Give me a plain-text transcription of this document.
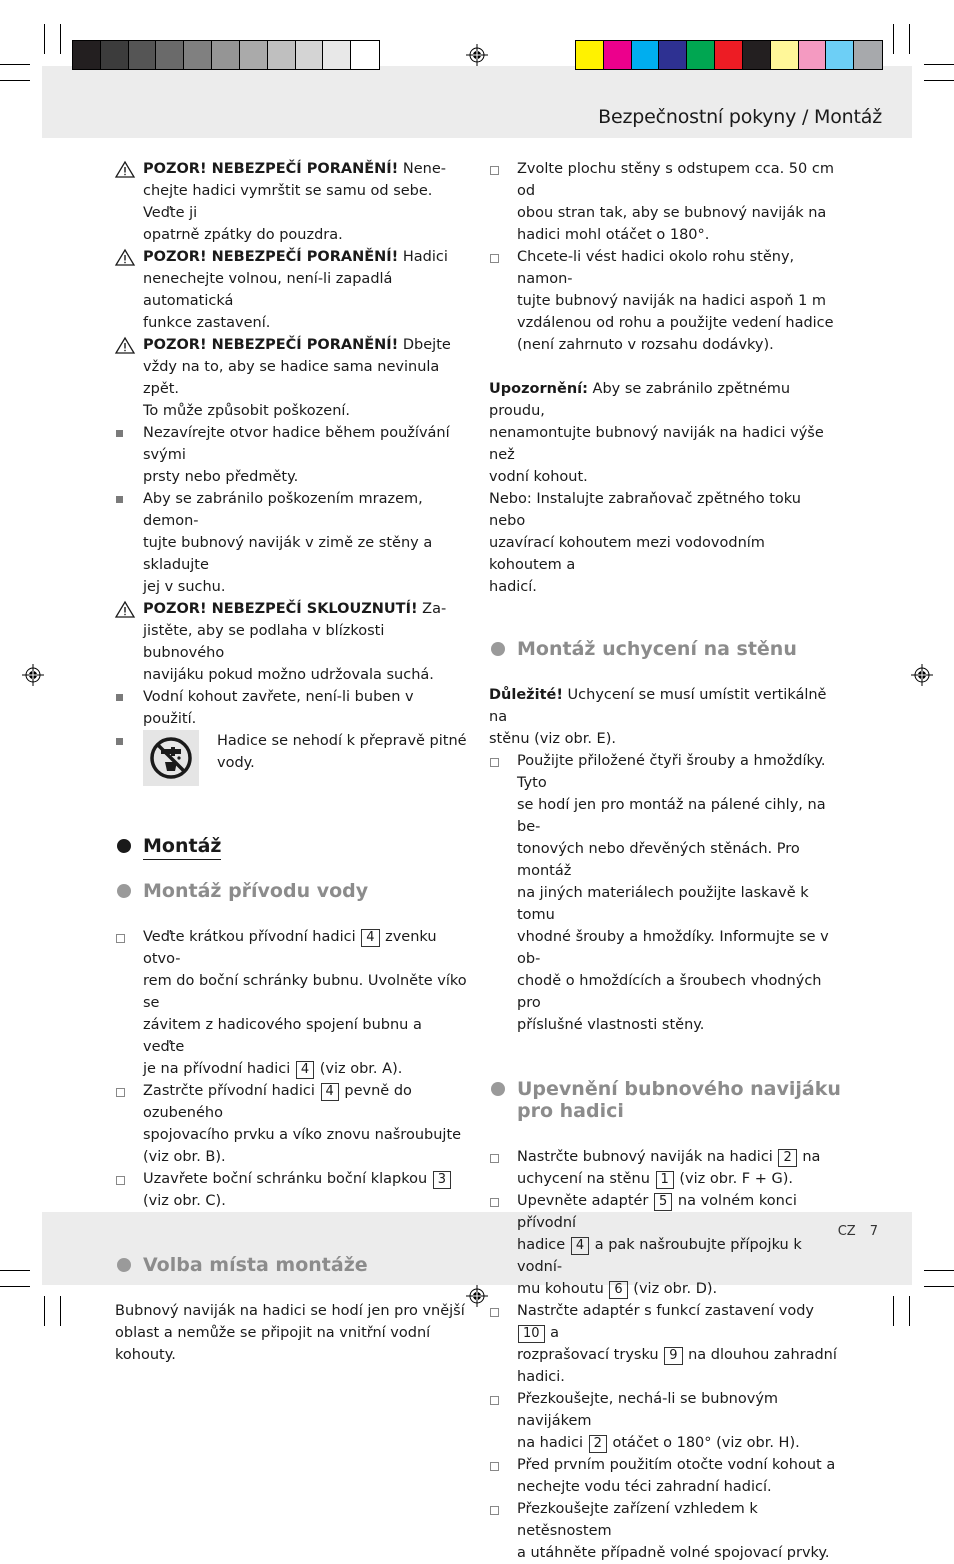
Bezpečnostní pokyny / Montáž
CZ 7
POZOR! NEBEZPEČÍ PORANĚNÍ! Nene-
chejte hadici vymrštit se samu od sebe. Veďte ji
opatrně zpátky do pouzdra.
POZOR! NEBEZPEČÍ PORANĚNÍ! Hadici
nenechejte volnou, není-li zapadlá automatická
funkce zastavení.
POZOR! NEBEZPEČÍ PORANĚNÍ! Dbejte
vždy na to, aby se hadice sama nevinula zpět.
To může způsobit poškození.
Nezavírejte otvor hadice během používání svými
prsty nebo předměty.
Aby se zabránilo poškozením mrazem, demon-
tujte bubnový naviják v zimě ze stěny a skladujte
jej v suchu.
POZOR! NEBEZPEČÍ SKLOUZNUTÍ! Za-
jistěte, aby se podlaha v blízkosti bubnového
navijáku pokud možno udržovala suchá.
Vodní kohout zavřete, není-li buben v použití.
Hadice se nehodí k přepravě pitné
vody.
Montáž
Montáž přívodu vody
Veďte krátkou přívodní hadici 4 zvenku otvo-
rem do boční schránky bubnu. Uvolněte víko se
závitem z hadicového spojení bubnu a veďte
je na přívodní hadici 4 (viz obr. A).
Zastrčte přívodní hadici 4 pevně do ozubeného
spojovacího prvku a víko znovu našroubujte
(viz obr. B).
Uzavřete boční schránku boční klapkou 3
(viz obr. C).
Volba místa montáže
Bubnový naviják na hadici se hodí jen pro vnější
oblast a nemůže se připojit na vnitřní vodní kohouty.
Zvolte plochu stěny s odstupem cca. 50 cm od
obou stran tak, aby se bubnový naviják na
hadici mohl otáčet o 180°.
Chcete-li vést hadici okolo rohu stěny, namon-
tujte bubnový naviják na hadici aspoň 1 m
vzdálenou od rohu a použijte vedení hadice
(není zahrnuto v rozsahu dodávky).
Upozornění: Aby se zabránilo zpětnému proudu,
nenamontujte bubnový naviják na hadici výše než
vodní kohout.
Nebo: Instalujte zabraňovač zpětného toku nebo
uzavírací kohoutem mezi vodovodním kohoutem a
hadicí.
Montáž uchycení na stěnu
Důležité! Uchycení se musí umístit vertikálně na
stěnu (viz obr. E).
Použijte přiložené čtyři šrouby a hmoždíky. Tyto
se hodí jen pro montáž na pálené cihly, na be-
tonových nebo dřevěných stěnách. Pro montáž
na jiných materiálech použijte laskavě k tomu
vhodné šrouby a hmoždíky. Informujte se v ob-
chodě o hmoždících a šroubech vhodných pro
příslušné vlastnosti stěny.
Upevnění bubnového navijáku
pro hadici
Nastrčte bubnový naviják na hadici 2 na
uchycení na stěnu 1 (viz obr. F + G).
Upevněte adaptér 5 na volném konci přívodní
hadice 4 a pak našroubujte přípojku k vodní-
mu kohoutu 6 (viz obr. D).
Nastrčte adaptér s funkcí zastavení vody 10 a
rozprašovací trysku 9 na dlouhou zahradní
hadici.
Přezkoušejte, nechá-li se bubnovým navijákem
na hadici 2 otáčet o 180° (viz obr. H).
Před prvním použitím otočte vodní kohout a
nechejte vodu téci zahradní hadicí.
Přezkoušejte zařízení vzhledem k netěsnostem
a utáhněte případně volné spojovací prvky.
